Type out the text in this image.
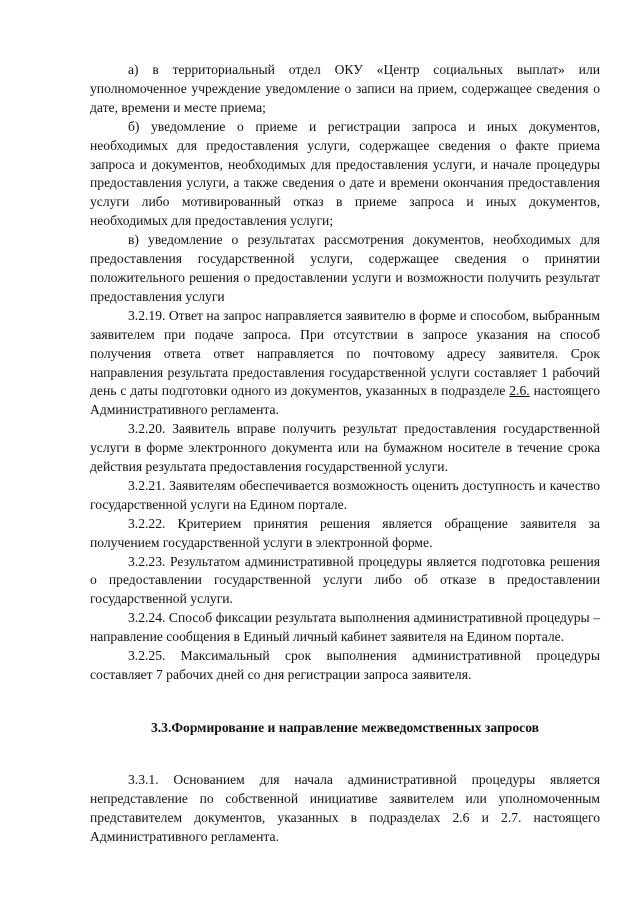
а) в территориальный отдел ОКУ «Центр социальных выплат» или уполномоченное учреждение уведомление о записи на прием, содержащее сведения о дате, времени и месте приема;

б) уведомление о приеме и регистрации запроса и иных документов, необходимых для предоставления услуги, содержащее сведения о факте приема запроса и документов, необходимых для предоставления услуги, и начале процедуры предоставления услуги, а также сведения о дате и времени окончания предоставления услуги либо мотивированный отказ в приеме запроса и иных документов, необходимых для предоставления услуги;

в) уведомление о результатах рассмотрения документов, необходимых для предоставления государственной услуги, содержащее сведения о принятии положительного решения о предоставлении услуги и возможности получить результат предоставления услуги

3.2.19. Ответ на запрос направляется заявителю в форме и способом, выбранным заявителем при подаче запроса. При отсутствии в запросе указания на способ получения ответа ответ направляется по почтовому адресу заявителя. Срок направления результата предоставления государственной услуги составляет 1 рабочий день с даты подготовки одного из документов, указанных в подразделе 2.6. настоящего Административного регламента.

3.2.20. Заявитель вправе получить результат предоставления государственной услуги в форме электронного документа или на бумажном носителе в течение срока действия результата предоставления государственной услуги.

3.2.21. Заявителям обеспечивается возможность оценить доступность и качество государственной услуги на Едином портале.

3.2.22. Критерием принятия решения является обращение заявителя за получением государственной услуги в электронной форме.

3.2.23. Результатом административной процедуры является подготовка решения о предоставлении государственной услуги либо об отказе в предоставлении государственной услуги.

3.2.24. Способ фиксации результата выполнения административной процедуры – направление сообщения в Единый личный кабинет заявителя на Едином портале.

3.2.25. Максимальный срок выполнения административной процедуры составляет 7 рабочих дней со дня регистрации запроса заявителя.

3.3.Формирование и направление межведомственных запросов

3.3.1. Основанием для начала административной процедуры является непредставление по собственной инициативе заявителем или уполномоченным представителем документов, указанных в подразделах 2.6 и 2.7. настоящего Административного регламента.
